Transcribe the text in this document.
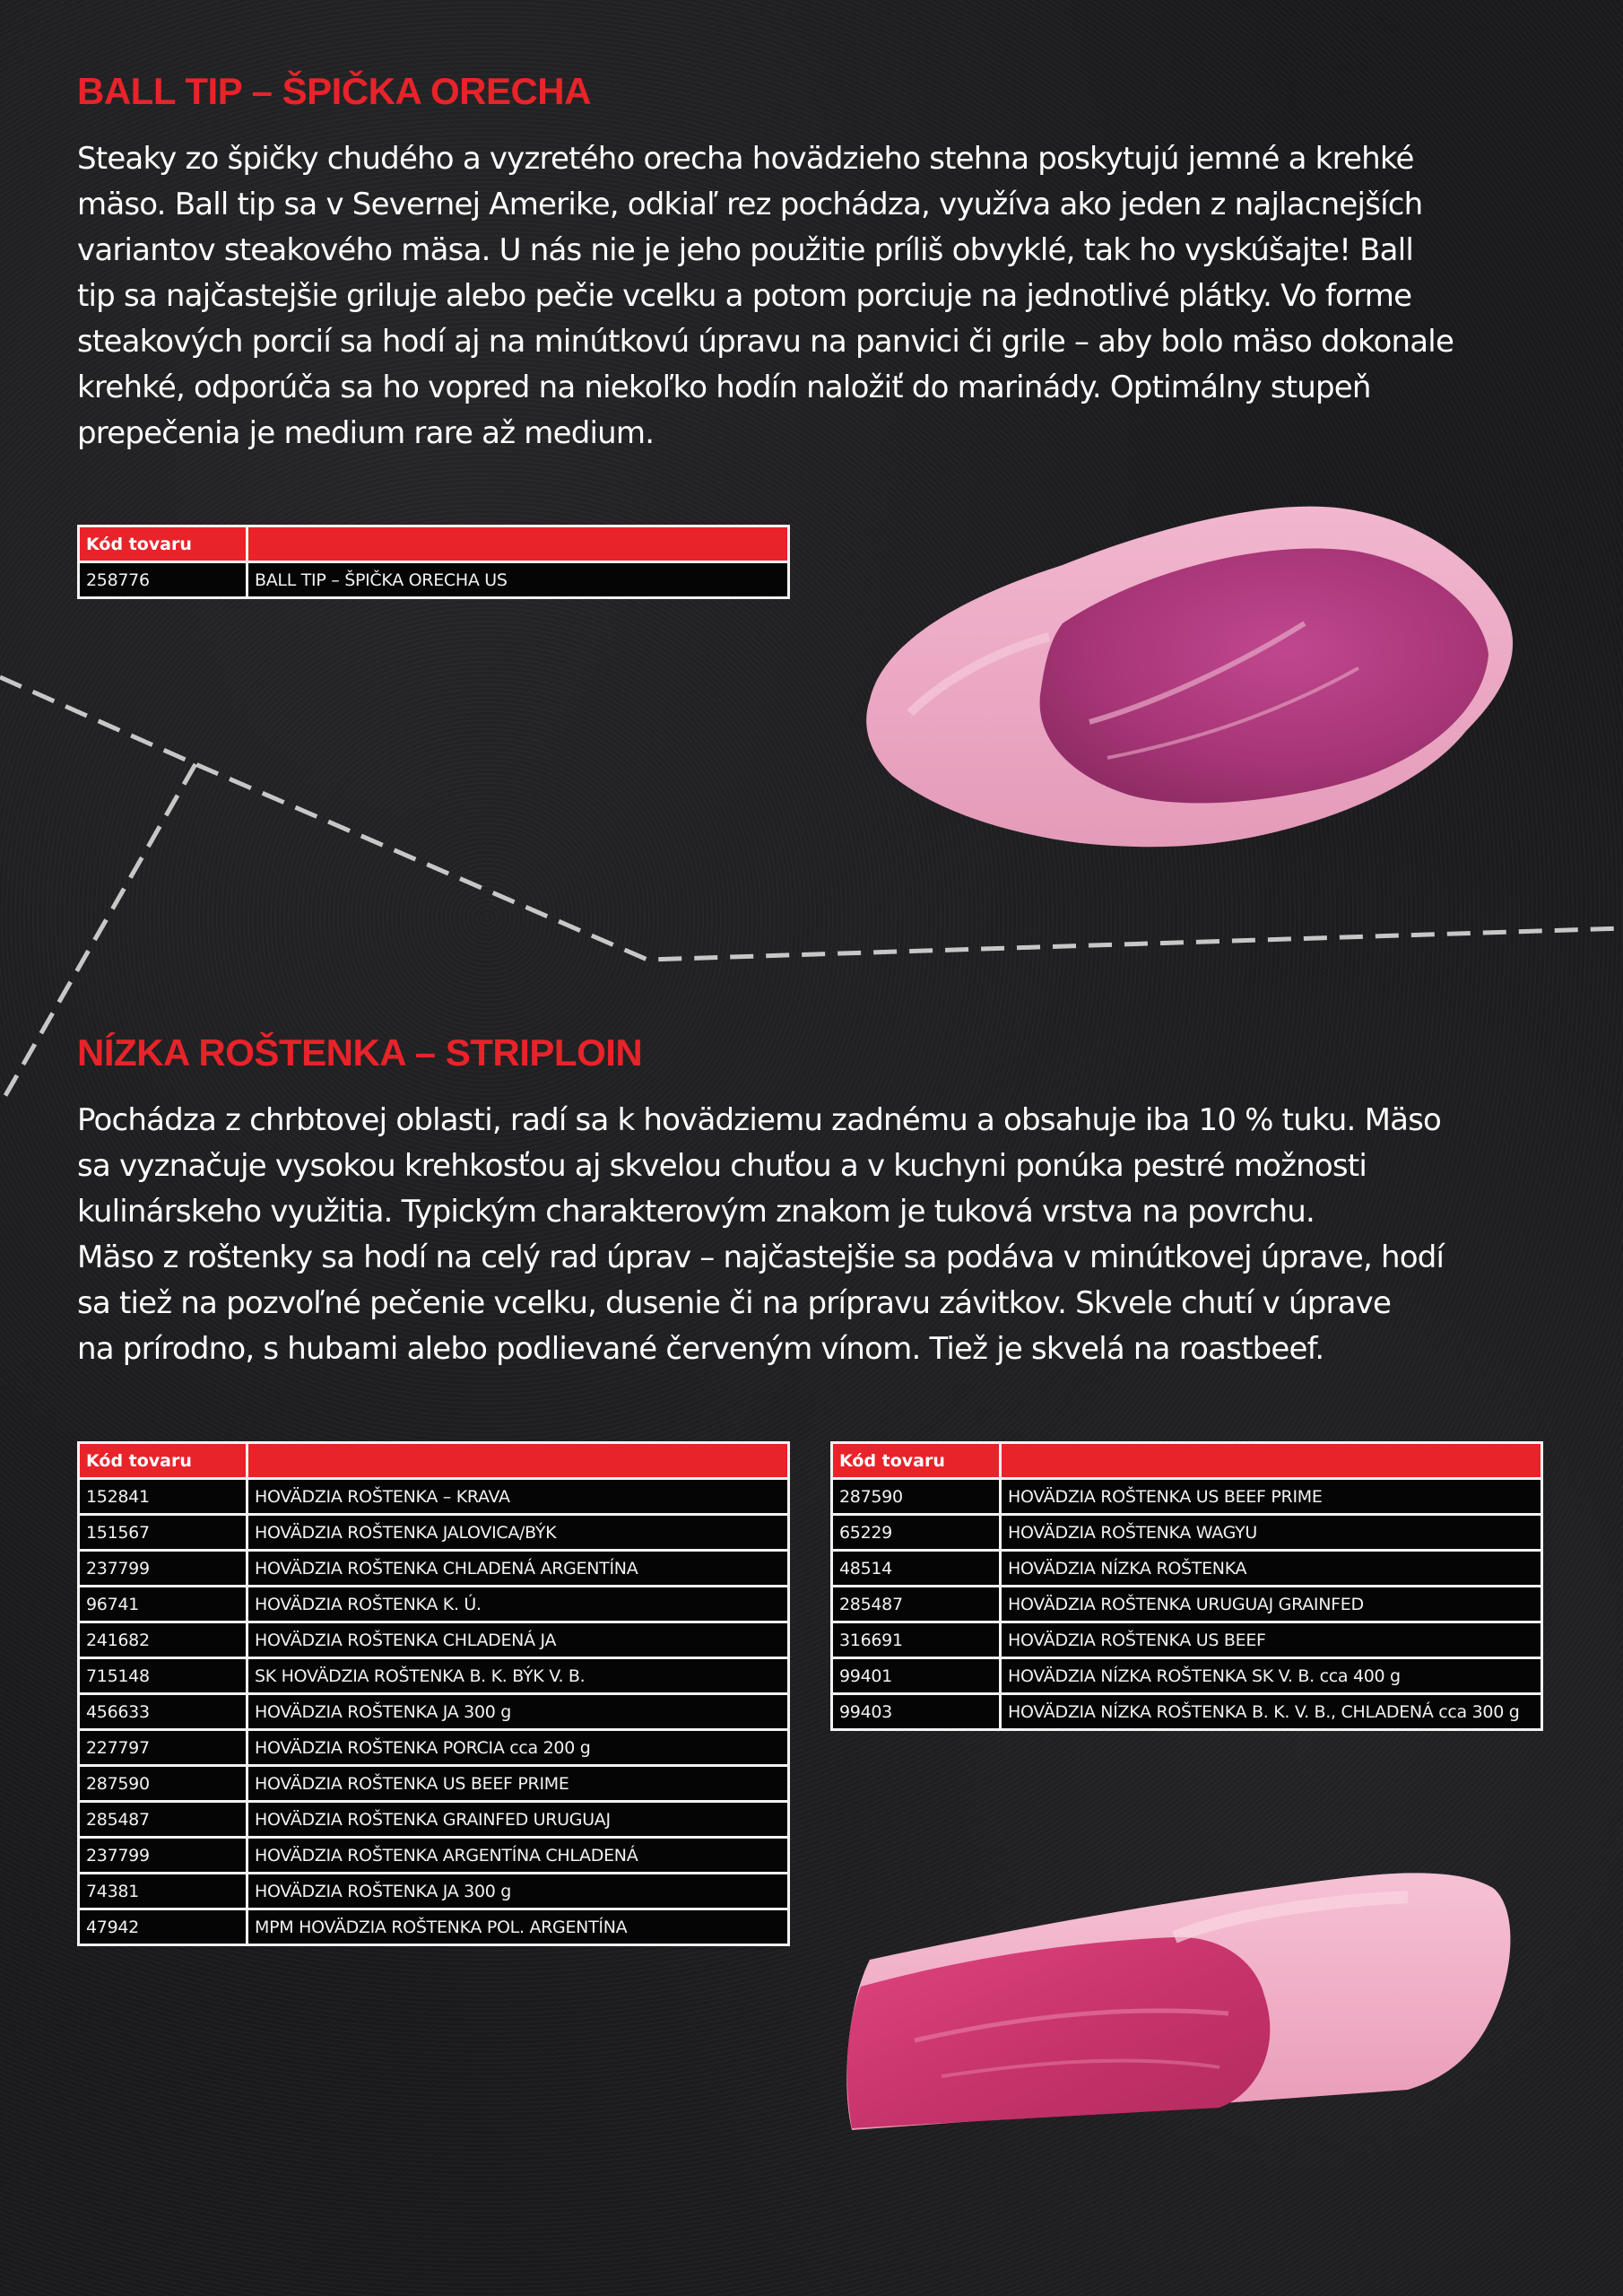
BALL TIP – ŠPIČKA ORECHA

Steaky zo špičky chudého a vyzretého orecha hovädzieho stehna poskytujú jemné a krehké
mäso. Ball tip sa v Severnej Amerike, odkiaľ rez pochádza, využíva ako jeden z najlacnejších
variantov steakového mäsa. U nás nie je jeho použitie príliš obvyklé, tak ho vyskúšajte! Ball
tip sa najčastejšie griluje alebo pečie vcelku a potom porciuje na jednotlivé plátky. Vo forme
steakových porcií sa hodí aj na minútkovú úpravu na panvici či grile – aby bolo mäso dokonale
krehké, odporúča sa ho vopred na niekoľko hodín naložiť do marinády. Optimálny stupeň
prepečenia je medium rare až medium.

Kód tovaru	
258776	BALL TIP – ŠPIČKA ORECHA US
NÍZKA ROŠTENKA – STRIPLOIN

Pochádza z chrbtovej oblasti, radí sa k hovädziemu zadnému a obsahuje iba 10 % tuku. Mäso
sa vyznačuje vysokou krehkosťou aj skvelou chuťou a v kuchyni ponúka pestré možnosti
kulinárskeho využitia. Typickým charakterovým znakom je tuková vrstva na povrchu.
Mäso z roštenky sa hodí na celý rad úprav – najčastejšie sa podáva v minútkovej úprave, hodí
sa tiež na pozvoľné pečenie vcelku, dusenie či na prípravu závitkov. Skvele chutí v úprave
na prírodno, s hubami alebo podlievané červeným vínom. Tiež je skvelá na roastbeef.

Kód tovaru	
152841	HOVÄDZIA ROŠTENKA – KRAVA
151567	HOVÄDZIA ROŠTENKA JALOVICA/BÝK
237799	HOVÄDZIA ROŠTENKA CHLADENÁ ARGENTÍNA
96741	HOVÄDZIA ROŠTENKA K. Ú.
241682	HOVÄDZIA ROŠTENKA CHLADENÁ JA
715148	SK HOVÄDZIA ROŠTENKA B. K. BÝK V. B.
456633	HOVÄDZIA ROŠTENKA JA 300 g
227797	HOVÄDZIA ROŠTENKA PORCIA cca 200 g
287590	HOVÄDZIA ROŠTENKA US BEEF PRIME
285487	HOVÄDZIA ROŠTENKA GRAINFED URUGUAJ
237799	HOVÄDZIA ROŠTENKA ARGENTÍNA CHLADENÁ
74381	HOVÄDZIA ROŠTENKA JA 300 g
47942	MPM HOVÄDZIA ROŠTENKA POL. ARGENTÍNA
Kód tovaru	
287590	HOVÄDZIA ROŠTENKA US BEEF PRIME
65229	HOVÄDZIA ROŠTENKA WAGYU
48514	HOVÄDZIA NÍZKA ROŠTENKA
285487	HOVÄDZIA ROŠTENKA URUGUAJ GRAINFED
316691	HOVÄDZIA ROŠTENKA US BEEF
99401	HOVÄDZIA NÍZKA ROŠTENKA SK V. B. cca 400 g
99403	HOVÄDZIA NÍZKA ROŠTENKA B. K. V. B., CHLADENÁ cca 300 g
